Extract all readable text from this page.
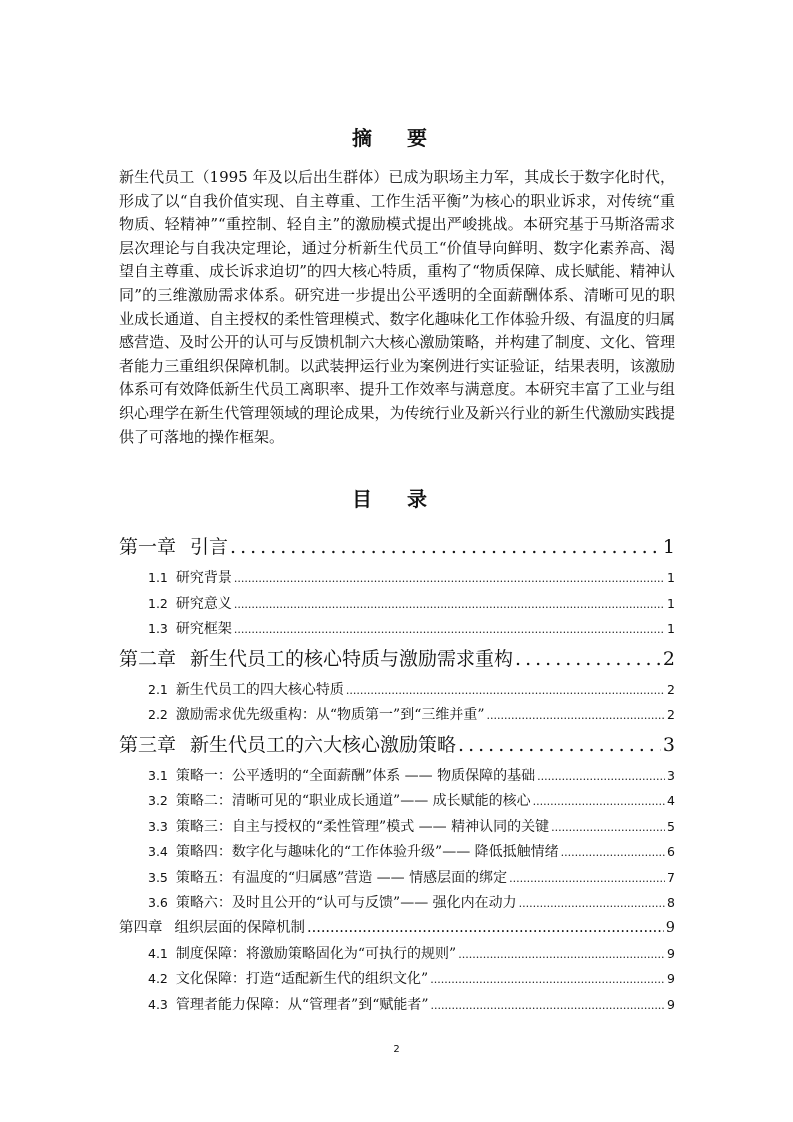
摘 要

新生代员工（1995 年及以后出生群体）已成为职场主力军，其成长于数字化时代，形成了以“自我价值实现、自主尊重、工作生活平衡”为核心的职业诉求，对传统“重物质、轻精神”“重控制、轻自主”的激励模式提出严峻挑战。本研究基于马斯洛需求层次理论与自我决定理论，通过分析新生代员工“价值导向鲜明、数字化素养高、渴望自主尊重、成长诉求迫切”的四大核心特质，重构了“物质保障、成长赋能、精神认同”的三维激励需求体系。研究进一步提出公平透明的全面薪酬体系、清晰可见的职业成长通道、自主授权的柔性管理模式、数字化趣味化工作体验升级、有温度的归属感营造、及时公开的认可与反馈机制六大核心激励策略，并构建了制度、文化、管理者能力三重组织保障机制。以武装押运行业为案例进行实证验证，结果表明，该激励体系可有效降低新生代员工离职率、提升工作效率与满意度。本研究丰富了工业与组织心理学在新生代管理领域的理论成果，为传统行业及新兴行业的新生代激励实践提供了可落地的操作框架。

目 录
第一章 引言 .....	1
1.1 研究背景 .....	1
1.2 研究意义 .....	1
1.3 研究框架 .....	1
第二章 新生代员工的核心特质与激励需求重构 .....	2
2.1 新生代员工的四大核心特质 .....	2
2.2 激励需求优先级重构：从“物质第一”到“三维并重” .....	2
第三章 新生代员工的六大核心激励策略 .....	3
3.1 策略一：公平透明的“全面薪酬”体系 —— 物质保障的基础 .....	3
3.2 策略二：清晰可见的“职业成长通道”—— 成长赋能的核心 .....	4
3.3 策略三：自主与授权的“柔性管理”模式 —— 精神认同的关键 .....	5
3.4 策略四：数字化与趣味化的“工作体验升级”—— 降低抵触情绪 .....	6
3.5 策略五：有温度的“归属感”营造 —— 情感层面的绑定 .....	7
3.6 策略六：及时且公开的“认可与反馈”—— 强化内在动力 .....	8
第四章 组织层面的保障机制 .....	9
4.1 制度保障：将激励策略固化为“可执行的规则” .....	9
4.2 文化保障：打造“适配新生代的组织文化” .....	9
4.3 管理者能力保障：从“管理者”到“赋能者” .....	9
2
